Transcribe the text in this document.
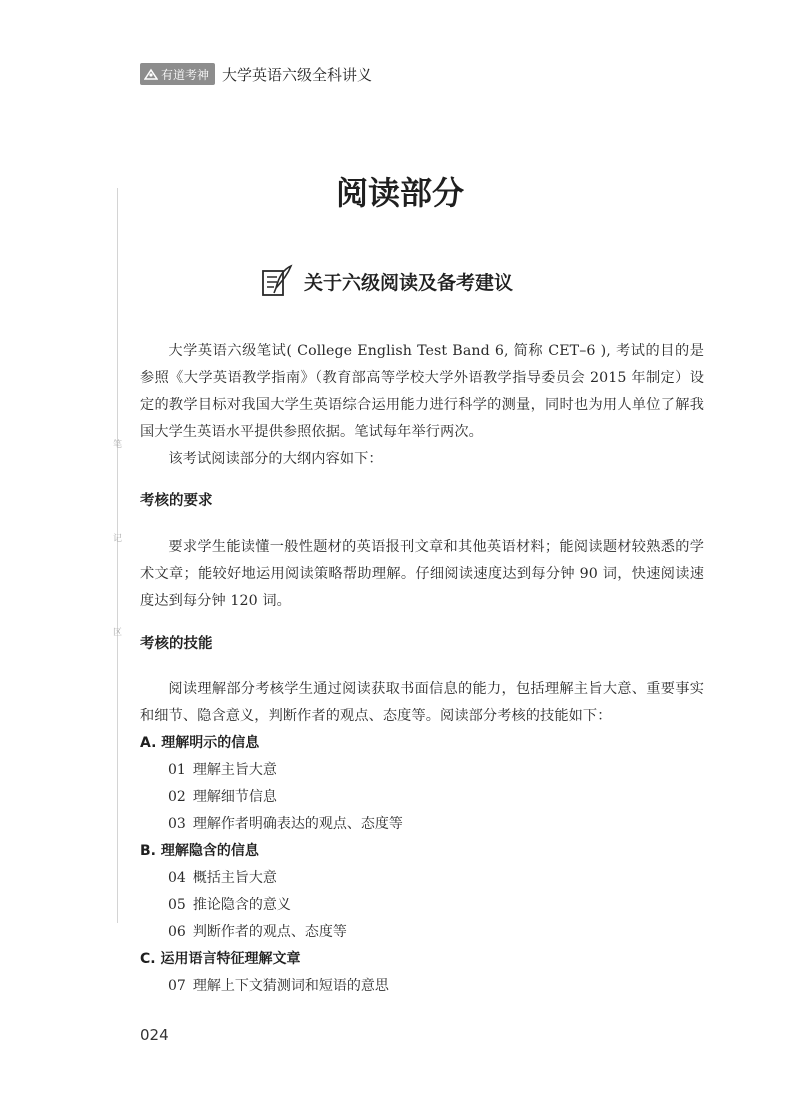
有道考神 大学英语六级全科讲义
笔
记
区
阅读部分
关于六级阅读及备考建议

大学英语六级笔试( College English Test Band 6, 简称 CET–6 ), 考试的目的是参照《大学英语教学指南》（教育部高等学校大学外语教学指导委员会 2015 年制定）设定的教学目标对我国大学生英语综合运用能力进行科学的测量，同时也为用人单位了解我国大学生英语水平提供参照依据。笔试每年举行两次。

该考试阅读部分的大纲内容如下：

考核的要求

要求学生能读懂一般性题材的英语报刊文章和其他英语材料；能阅读题材较熟悉的学术文章；能较好地运用阅读策略帮助理解。仔细阅读速度达到每分钟 90 词，快速阅读速度达到每分钟 120 词。

考核的技能

阅读理解部分考核学生通过阅读获取书面信息的能力，包括理解主旨大意、重要事实和细节、隐含意义，判断作者的观点、态度等。阅读部分考核的技能如下：

A. 理解明示的信息
01 理解主旨大意
02 理解细节信息
03 理解作者明确表达的观点、态度等
B. 理解隐含的信息
04 概括主旨大意
05 推论隐含的意义
06 判断作者的观点、态度等
C. 运用语言特征理解文章
07 理解上下文猜测词和短语的意思
024
